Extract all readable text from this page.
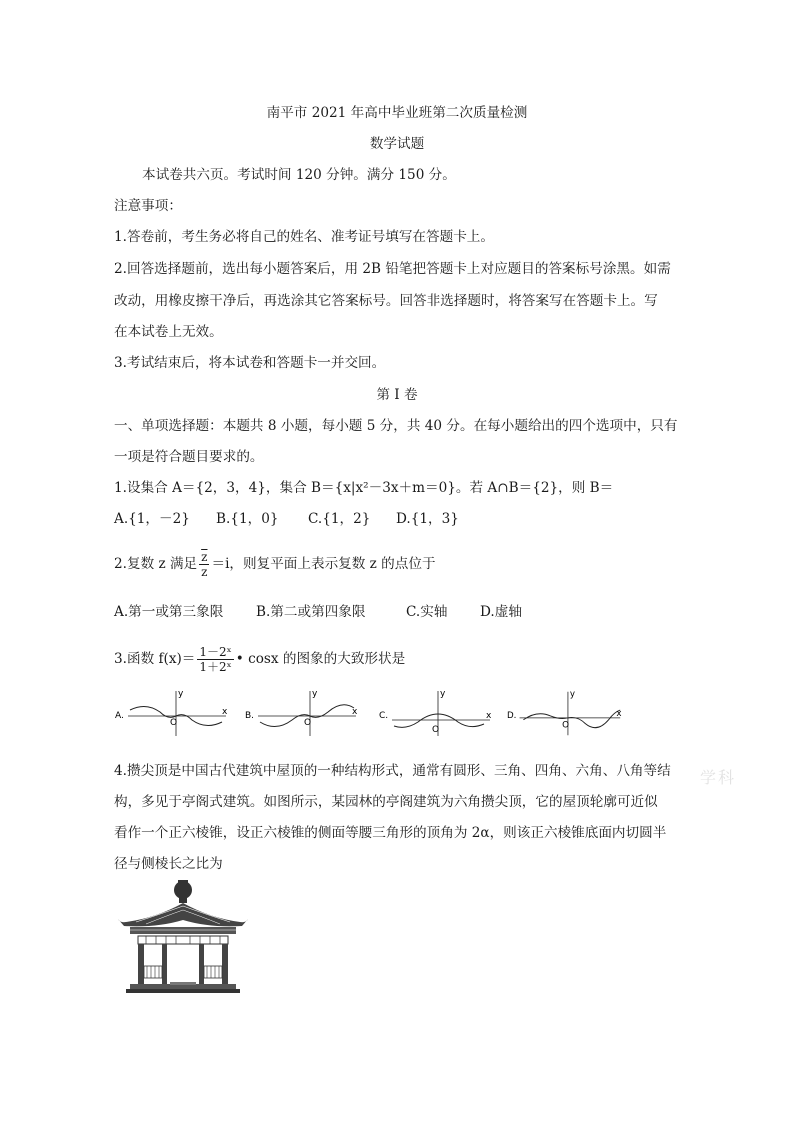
南平市 2021 年高中毕业班第二次质量检测
数学试题
本试卷共六页。考试时间 120 分钟。满分 150 分。
注意事项：
1.答卷前，考生务必将自己的姓名、准考证号填写在答题卡上。
2.回答选择题前，选出每小题答案后，用 2B 铅笔把答题卡上对应题目的答案标号涂黑。如需
改动，用橡皮擦干净后，再选涂其它答案标号。回答非选择题时，将答案写在答题卡上。写
在本试卷上无效。
3.考试结束后，将本试卷和答题卡一并交回。
第 I 卷
一、单项选择题：本题共 8 小题，每小题 5 分，共 40 分。在每小题给出的四个选项中，只有
一项是符合题目要求的。
1.设集合 A＝{2，3，4}，集合 B＝{x|x²－3x＋m＝0}。若 A∩B＝{2}，则 B＝
A.{1，－2} B.{1，0} C.{1，2} D.{1，3}
2.复数 z 满足 $\frac{\overline{z}}{z} =i$，则复平面上表示复数 z 的点位于
A.第一或第三象限 B.第二或第四象限	C.实轴 D.虚轴
3.函数 $f(x)= \frac{\text{1－2ˣ}}{\text{1＋2ˣ}}$ • cosx 的图象的大致形状是
A.	x
y
O
B.	x
y
O
C.	x
y
O
D.	x
y
O
4.攒尖顶是中国古代建筑中屋顶的一种结构形式，通常有圆形、三角、四角、六角、八角等结
构，多见于亭阁式建筑。如图所示，某园林的亭阁建筑为六角攒尖顶，它的屋顶轮廓可近似
看作一个正六棱锥，设正六棱锥的侧面等腰三角形的顶角为 2α，则该正六棱锥底面内切圆半
径与侧棱长之比为
学科
